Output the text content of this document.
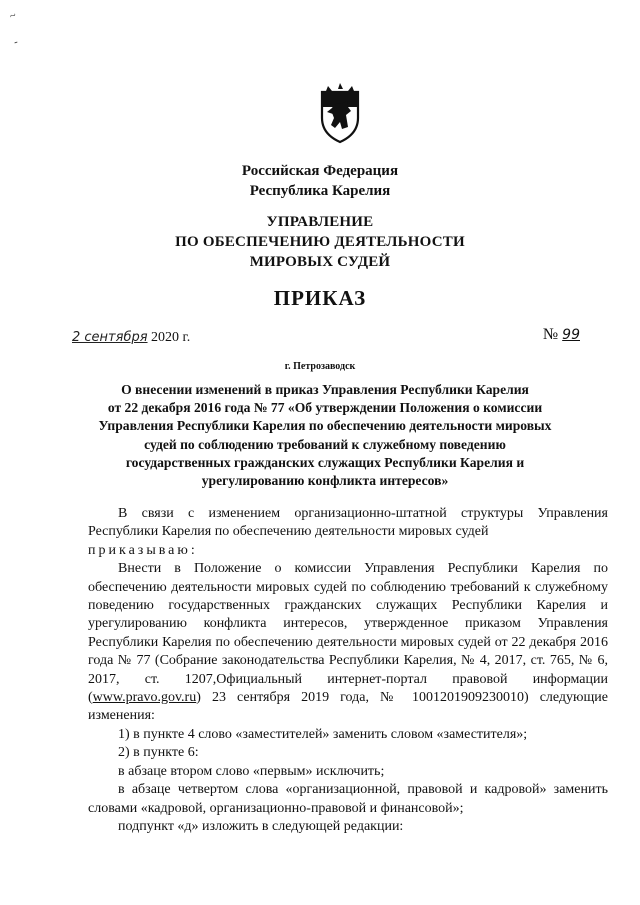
~
-
Российская Федерация
Республика Карелия
УПРАВЛЕНИЕ
ПО ОБЕСПЕЧЕНИЮ ДЕЯТЕЛЬНОСТИ
МИРОВЫХ СУДЕЙ
ПРИКАЗ
2 сентября 2020 г.	№ 99
г. Петрозаводск
О внесении изменений в приказ Управления Республики Карелия
от 22 декабря 2016 года № 77 «Об утверждении Положения о комиссии
Управления Республики Карелия по обеспечению деятельности мировых
судей по соблюдению требований к служебному поведению
государственных гражданских служащих Республики Карелия и
урегулированию конфликта интересов»

В связи с изменением организационно-штатной структуры Управления Республики Карелия по обеспечению деятельности мировых судей

приказываю:

Внести в Положение о комиссии Управления Республики Карелия по обеспечению деятельности мировых судей по соблюдению требований к служебному поведению государственных гражданских служащих Республики Карелия и урегулированию конфликта интересов, утвержденное приказом Управления Республики Карелия по обеспечению деятельности мировых судей от 22 декабря 2016 года № 77 (Собрание законодательства Республики Карелия, № 4, 2017, ст. 765, № 6, 2017, ст. 1207,Официальный интернет-портал правовой информации (www.pravo.gov.ru) 23 сентября 2019 года, № 1001201909230010) следующие изменения:

1) в пункте 4 слово «заместителей» заменить словом «заместителя»;

2) в пункте 6:

в абзаце втором слово «первым» исключить;

в абзаце четвертом слова «организационной, правовой и кадровой» заменить словами «кадровой, организационно-правовой и финансовой»;

подпункт «д» изложить в следующей редакции:
